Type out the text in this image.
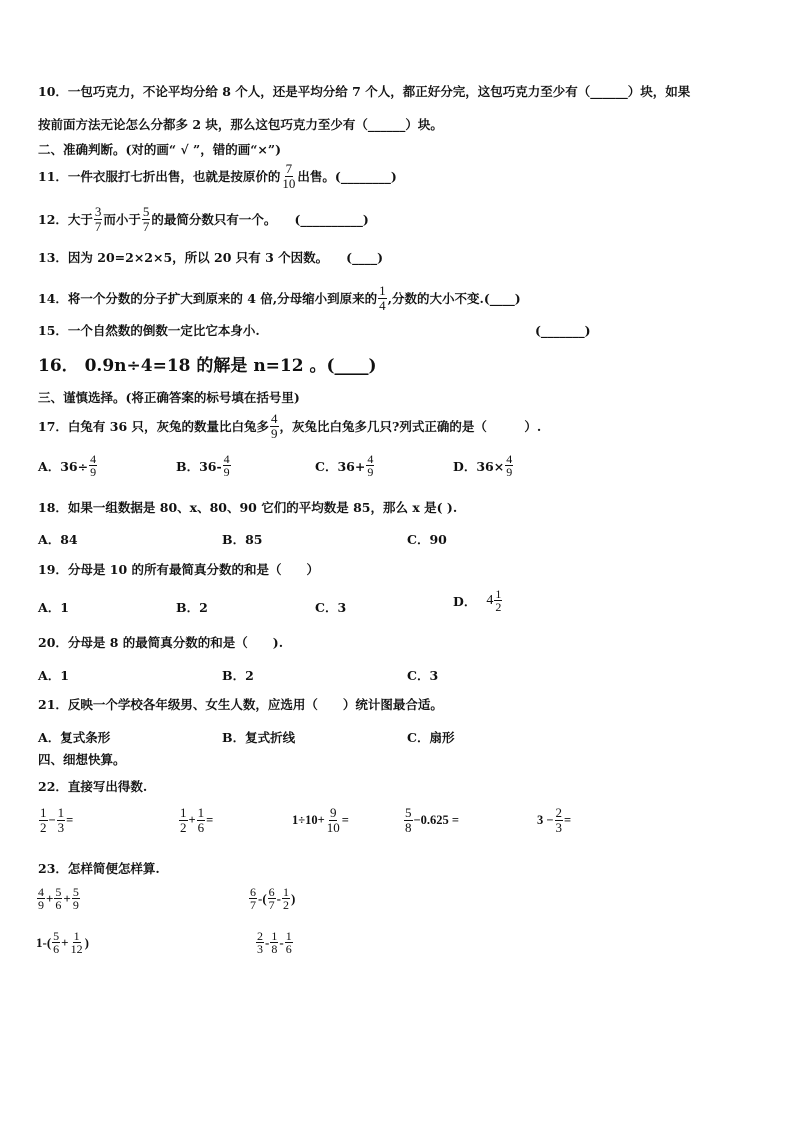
10．一包巧克力，不论平均分给 8 个人，还是平均分给 7 个人，都正好分完，这包巧克力至少有（______）块，如果
按前面方法无论怎么分都多 2 块，那么这包巧克力至少有（______）块。
二、准确判断。(对的画“ √ ”，错的画“×”)
11．一件衣服打七折出售，也就是按原价的 $\frac{7}{10}$ 出售。(________)
12．大于 $\frac{3}{7}$ 而小于 $\frac{5}{7}$ 的最简分数只有一个。 (__________)
13．因为 20=2×2×5，所以 20 只有 3 个因数。 (____)
14．将一个分数的分子扩大到原来的 4 倍,分母缩小到原来的 $\frac{1}{4}$ ,分数的大小不变.(____)
15．一个自然数的倒数一定比它本身小.	(_______)
16． 0.9n÷4=18 的解是 n=12 。(____)
三、谨慎选择。(将正确答案的标号填在括号里)
17．白兔有 36 只，灰兔的数量比白兔多 $\frac{4}{9}$ ，灰兔比白兔多几只?列式正确的是（　　　）.
A．$36\div \frac{4}{9}$	B．$36- \frac{4}{9}$	C．$36+ \frac{4}{9}$	D．$36\times \frac{4}{9}$
18．如果一组数据是 80、x、80、90 它们的平均数是 85，那么 x 是( ).
A．84	B．85	C．90
19．分母是 10 的所有最简真分数的和是（　　）
A．1	B．2	C．3	D． $4 \frac{1}{2}$
20．分母是 8 的最简真分数的和是（　　).
A．1	B．2	C．3
21．反映一个学校各年级男、女生人数，应选用（　　）统计图最合适。
A．复式条形	B．复式折线	C．扇形
四、细想快算。
22．直接写出得数.
$\frac{1}{2} - \frac{1}{3}$ =	$\frac{1}{2} + \frac{1}{6}$ =	$1\div 10+ \frac{9}{10}$ =	$\frac{5}{8} -0.625$ =	$3 - \frac{2}{3}$ =
23．怎样简便怎样算.
$\frac{4}{9} + \frac{5}{6} + \frac{5}{9}$	$\frac{6}{7}$ -( $\frac{6}{7} - \frac{1}{2}$ )
$1-( \frac{5}{6} + \frac{1}{12}$ )	$\frac{2}{3} - \frac{1}{8} - \frac{1}{6}$
